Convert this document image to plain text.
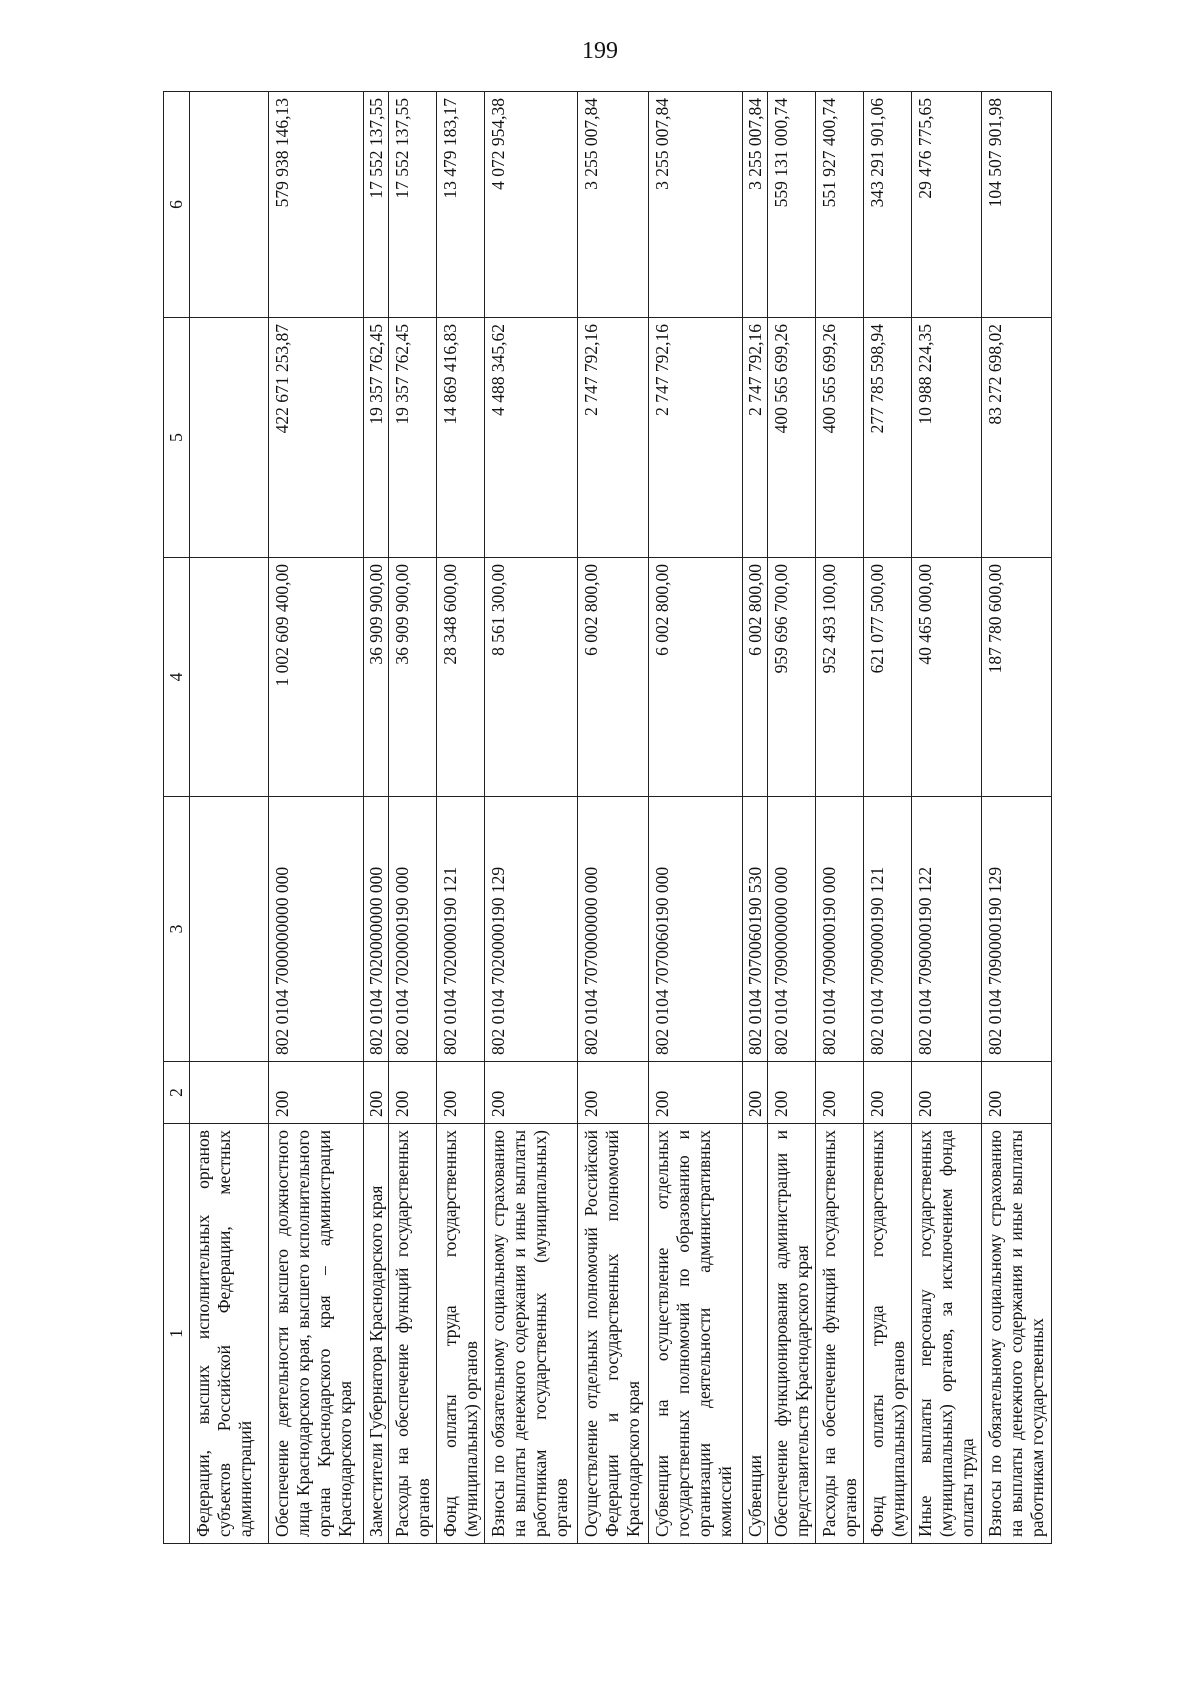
199
1	2	3	4	5	6
Федерации, высших исполнительных органов субъектов Российской Федерации, местных администраций					
Обеспечение деятельности высшего должностного лица Краснодарского края, высшего исполнительного органа Краснодарского края – администрации Краснодарского края	200	802 0104 7000000000 000	1 002 609 400,00	422 671 253,87	579 938 146,13
Заместители Губернатора Краснодарского края	200	802 0104 7020000000 000	36 909 900,00	19 357 762,45	17 552 137,55
Расходы на обеспечение функций государственных органов	200	802 0104 7020000190 000	36 909 900,00	19 357 762,45	17 552 137,55
Фонд оплаты труда государственных (муниципальных) органов	200	802 0104 7020000190 121	28 348 600,00	14 869 416,83	13 479 183,17
Взносы по обязательному социальному страхованию на выплаты денежного содержания и иные выплаты работникам государственных (муниципальных) органов	200	802 0104 7020000190 129	8 561 300,00	4 488 345,62	4 072 954,38
Осуществление отдельных полномочий Российской Федерации и государственных полномочий Краснодарского края	200	802 0104 7070000000 000	6 002 800,00	2 747 792,16	3 255 007,84
Субвенции на осуществление отдельных государственных полномочий по образованию и организации деятельности административных комиссий	200	802 0104 7070060190 000	6 002 800,00	2 747 792,16	3 255 007,84
Субвенции	200	802 0104 7070060190 530	6 002 800,00	2 747 792,16	3 255 007,84
Обеспечение функционирования администрации и представительств Краснодарского края	200	802 0104 7090000000 000	959 696 700,00	400 565 699,26	559 131 000,74
Расходы на обеспечение функций государственных органов	200	802 0104 7090000190 000	952 493 100,00	400 565 699,26	551 927 400,74
Фонд оплаты труда государственных (муниципальных) органов	200	802 0104 7090000190 121	621 077 500,00	277 785 598,94	343 291 901,06
Иные выплаты персоналу государственных (муниципальных) органов, за исключением фонда оплаты труда	200	802 0104 7090000190 122	40 465 000,00	10 988 224,35	29 476 775,65
Взносы по обязательному социальному страхованию на выплаты денежного содержания и иные выплаты работникам государственных	200	802 0104 7090000190 129	187 780 600,00	83 272 698,02	104 507 901,98
